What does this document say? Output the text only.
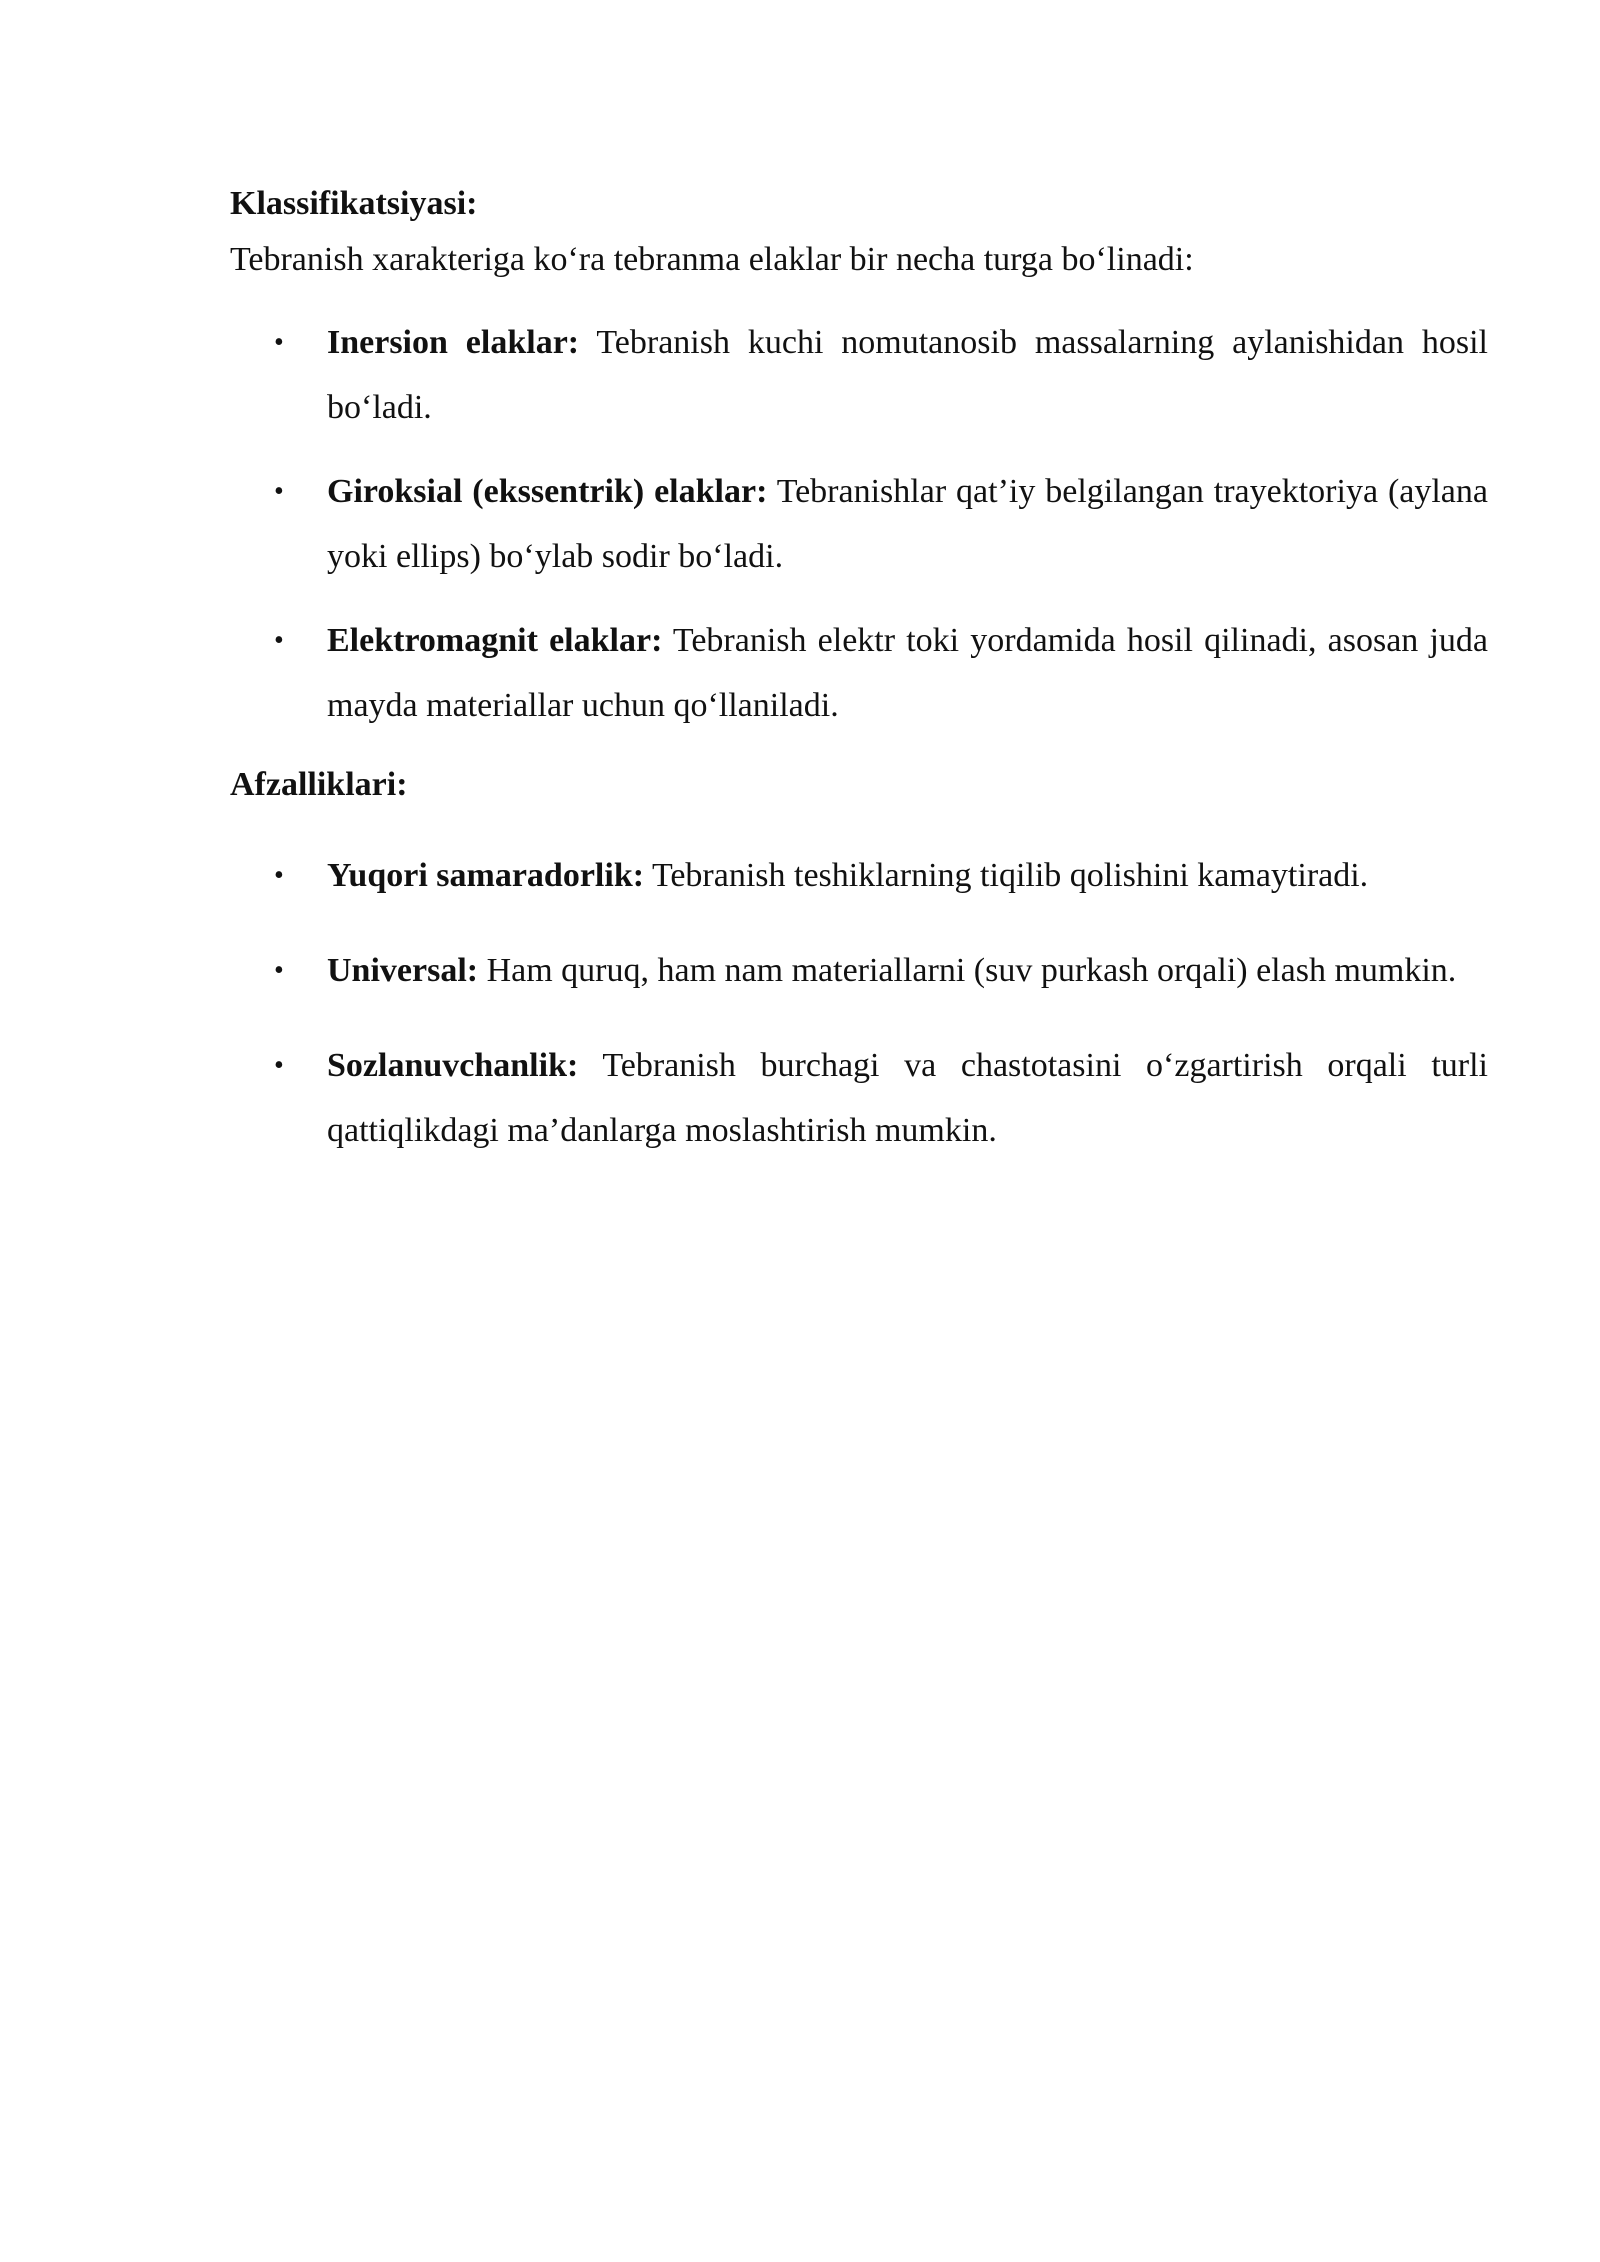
Klassifikatsiyasi:

Tebranish xarakteriga ko‘ra tebranma elaklar bir necha turga bo‘linadi:

• Inersion elaklar: Tebranish kuchi nomutanosib massalarning aylanishidan hosil bo‘ladi.
• Giroksial (ekssentrik) elaklar: Tebranishlar qat’iy belgilangan trayektoriya (aylana yoki ellips) bo‘ylab sodir bo‘ladi.
• Elektromagnit elaklar: Tebranish elektr toki yordamida hosil qilinadi, asosan juda mayda materiallar uchun qo‘llaniladi.

Afzalliklari:

• Yuqori samaradorlik: Tebranish teshiklarning tiqilib qolishini kamaytiradi.
• Universal: Ham quruq, ham nam materiallarni (suv purkash orqali) elash mumkin.
• Sozlanuvchanlik: Tebranish burchagi va chastotasini o‘zgartirish orqali turli qattiqlikdagi ma’danlarga moslashtirish mumkin.
